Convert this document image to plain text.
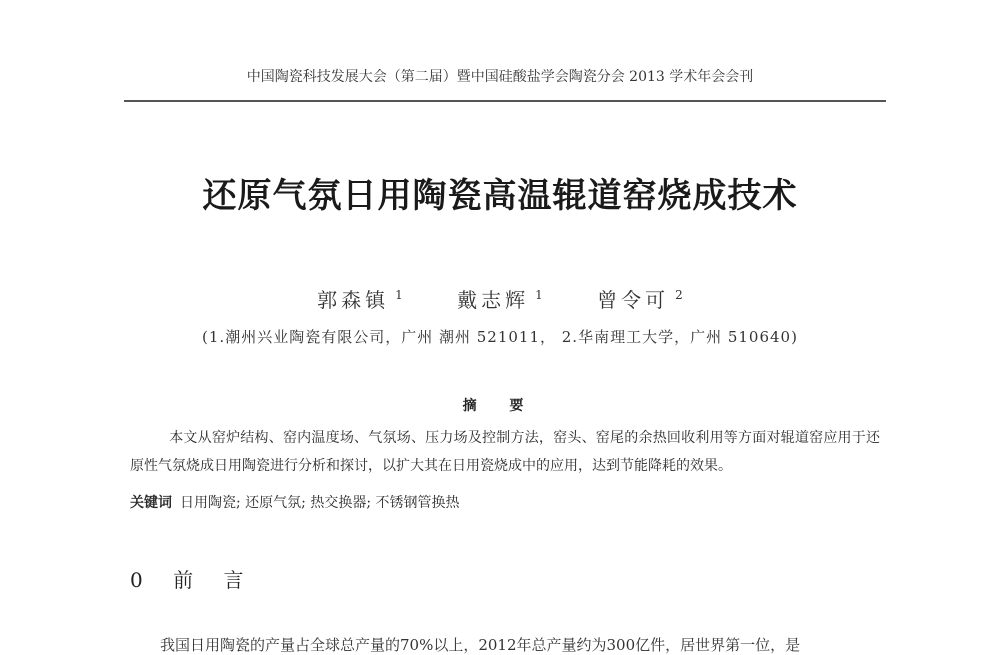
中国陶瓷科技发展大会（第二届）暨中国硅酸盐学会陶瓷分会 2013 学术年会会刊
还原气氛日用陶瓷高温辊道窑烧成技术
郭森镇 $^1$	戴志辉 $^1$	曾令可 $^2$
(1.潮州兴业陶瓷有限公司，广州 潮州 521011， 2.华南理工大学，广州 510640)
摘 要
本文从窑炉结构、窑内温度场、气氛场、压力场及控制方法，窑头、窑尾的余热回收利用等方面对辊道窑应用于还原性气氛烧成日用陶瓷进行分析和探讨，以扩大其在日用瓷烧成中的应用，达到节能降耗的效果。
关键词 日用陶瓷; 还原气氛; 热交换器; 不锈钢管换热
0 前 言
我国日用陶瓷的产量占全球总产量的70%以上，2012年总产量约为300亿件，居世界第一位，是
